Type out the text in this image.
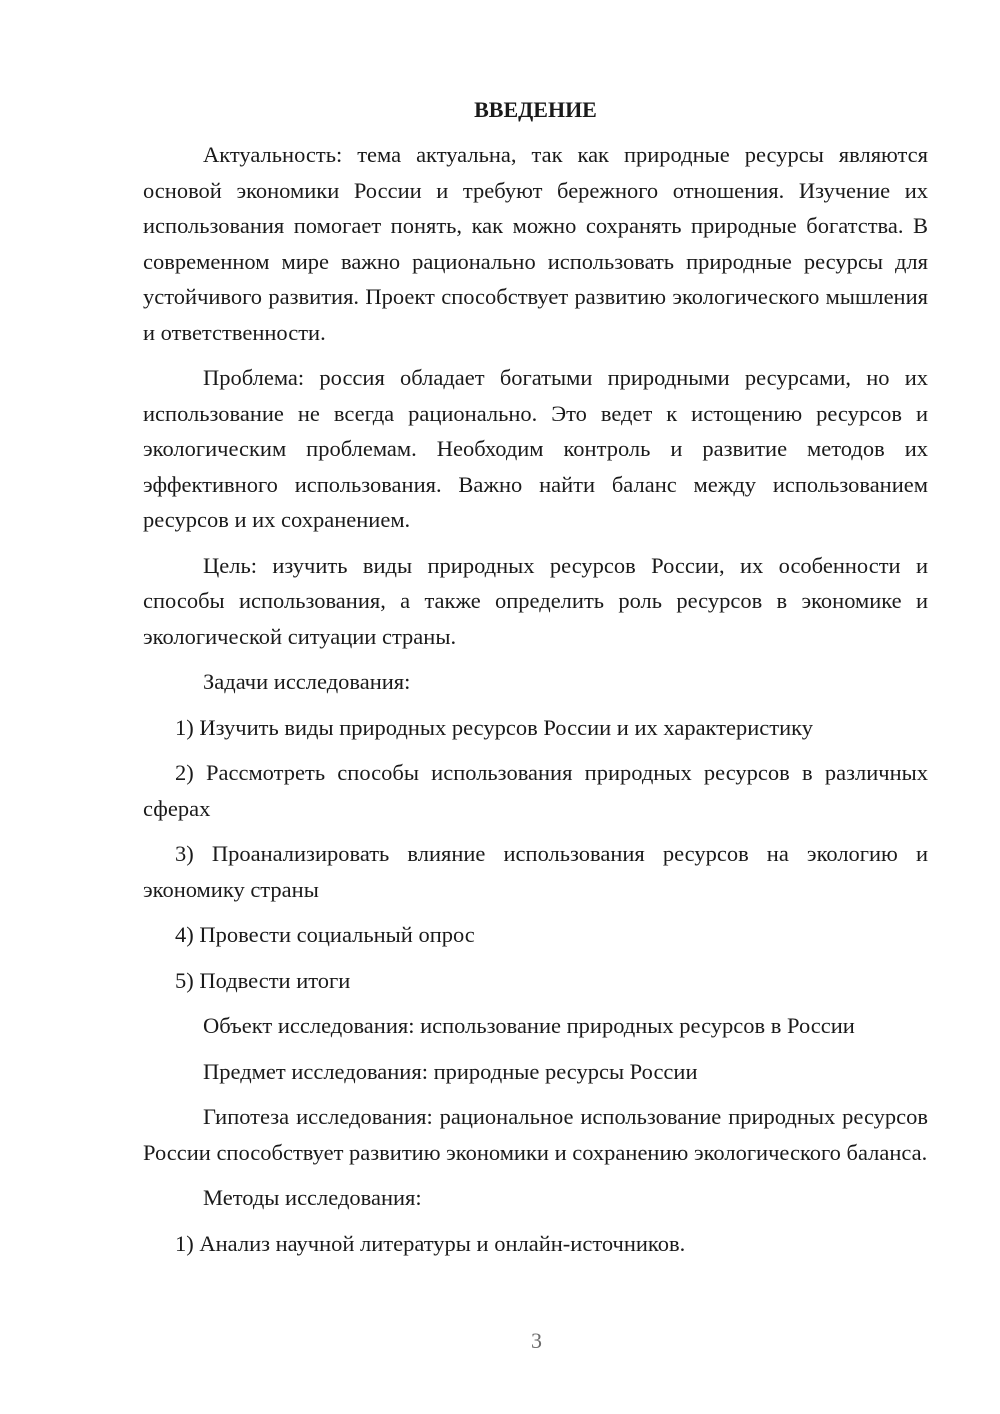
ВВЕДЕНИЕ

Актуальность: тема актуальна, так как природные ресурсы являются основой экономики России и требуют бережного отношения. Изучение их использования помогает понять, как можно сохранять природные богатства. В современном мире важно рационально использовать природные ресурсы для устойчивого развития. Проект способствует развитию экологического мышления и ответственности.

Проблема: россия обладает богатыми природными ресурсами, но их использование не всегда рационально. Это ведет к истощению ресурсов и экологическим проблемам. Необходим контроль и развитие методов их эффективного использования. Важно найти баланс между использованием ресурсов и их сохранением.

Цель: изучить виды природных ресурсов России, их особенности и способы использования, а также определить роль ресурсов в экономике и экологической ситуации страны.

Задачи исследования:

1) Изучить виды природных ресурсов России и их характеристику

2) Рассмотреть способы использования природных ресурсов в различных сферах

3) Проанализировать влияние использования ресурсов на экологию и экономику страны

4) Провести социальный опрос

5) Подвести итоги

Объект исследования: использование природных ресурсов в России

Предмет исследования: природные ресурсы России

Гипотеза исследования: рациональное использование природных ресурсов России способствует развитию экономики и сохранению экологического баланса.

Методы исследования:

1) Анализ научной литературы и онлайн-источников.

3
